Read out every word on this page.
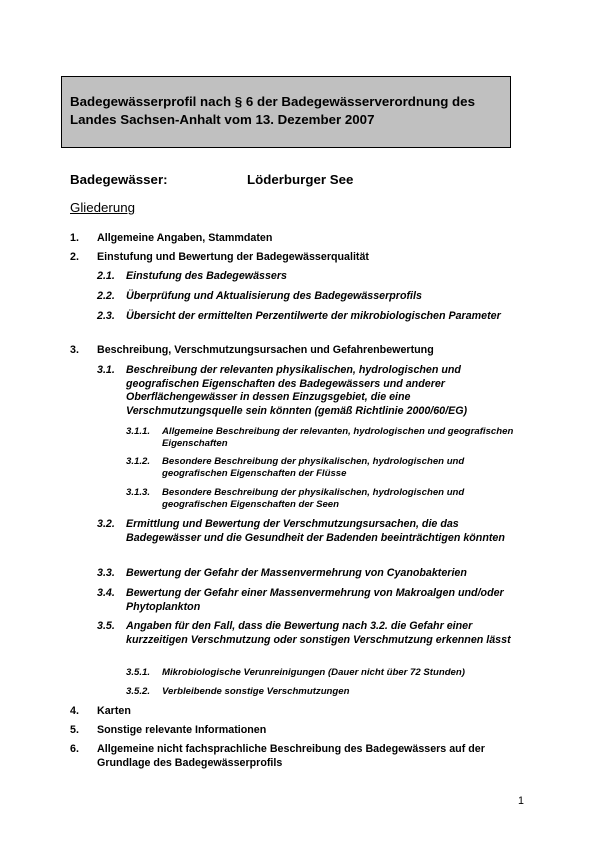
Badegewässerprofil nach § 6 der Badegewässerverordnung des
Landes Sachsen-Anhalt vom 13. Dezember 2007
Badegewässer:	Löderburger See
Gliederung
1. Allgemeine Angaben, Stammdaten
2. Einstufung und Bewertung der Badegewässerqualität
2.1. Einstufung des Badegewässers
2.2. Überprüfung und Aktualisierung des Badegewässerprofils
2.3. Übersicht der ermittelten Perzentilwerte der mikrobiologischen Parameter
3. Beschreibung, Verschmutzungsursachen und Gefahrenbewertung
3.1. Beschreibung der relevanten physikalischen, hydrologischen und geografischen Eigenschaften des Badegewässers und anderer Oberflächengewässer in dessen Einzugsgebiet, die eine Verschmutzungsquelle sein könnten (gemäß Richtlinie 2000/60/EG)
3.1.1. Allgemeine Beschreibung der relevanten, hydrologischen und geografischen Eigenschaften
3.1.2. Besondere Beschreibung der physikalischen, hydrologischen und geografischen Eigenschaften der Flüsse
3.1.3. Besondere Beschreibung der physikalischen, hydrologischen und geografischen Eigenschaften der Seen
3.2. Ermittlung und Bewertung der Verschmutzungsursachen, die das Badegewässer und die Gesundheit der Badenden beeinträchtigen könnten
3.3. Bewertung der Gefahr der Massenvermehrung von Cyanobakterien
3.4. Bewertung der Gefahr einer Massenvermehrung von Makroalgen und/oder Phytoplankton
3.5. Angaben für den Fall, dass die Bewertung nach 3.2. die Gefahr einer kurzzeitigen Verschmutzung oder sonstigen Verschmutzung erkennen lässt
3.5.1. Mikrobiologische Verunreinigungen (Dauer nicht über 72 Stunden)
3.5.2. Verbleibende sonstige Verschmutzungen
4. Karten
5. Sonstige relevante Informationen
6. Allgemeine nicht fachsprachliche Beschreibung des Badegewässers auf der Grundlage des Badegewässerprofils
1
